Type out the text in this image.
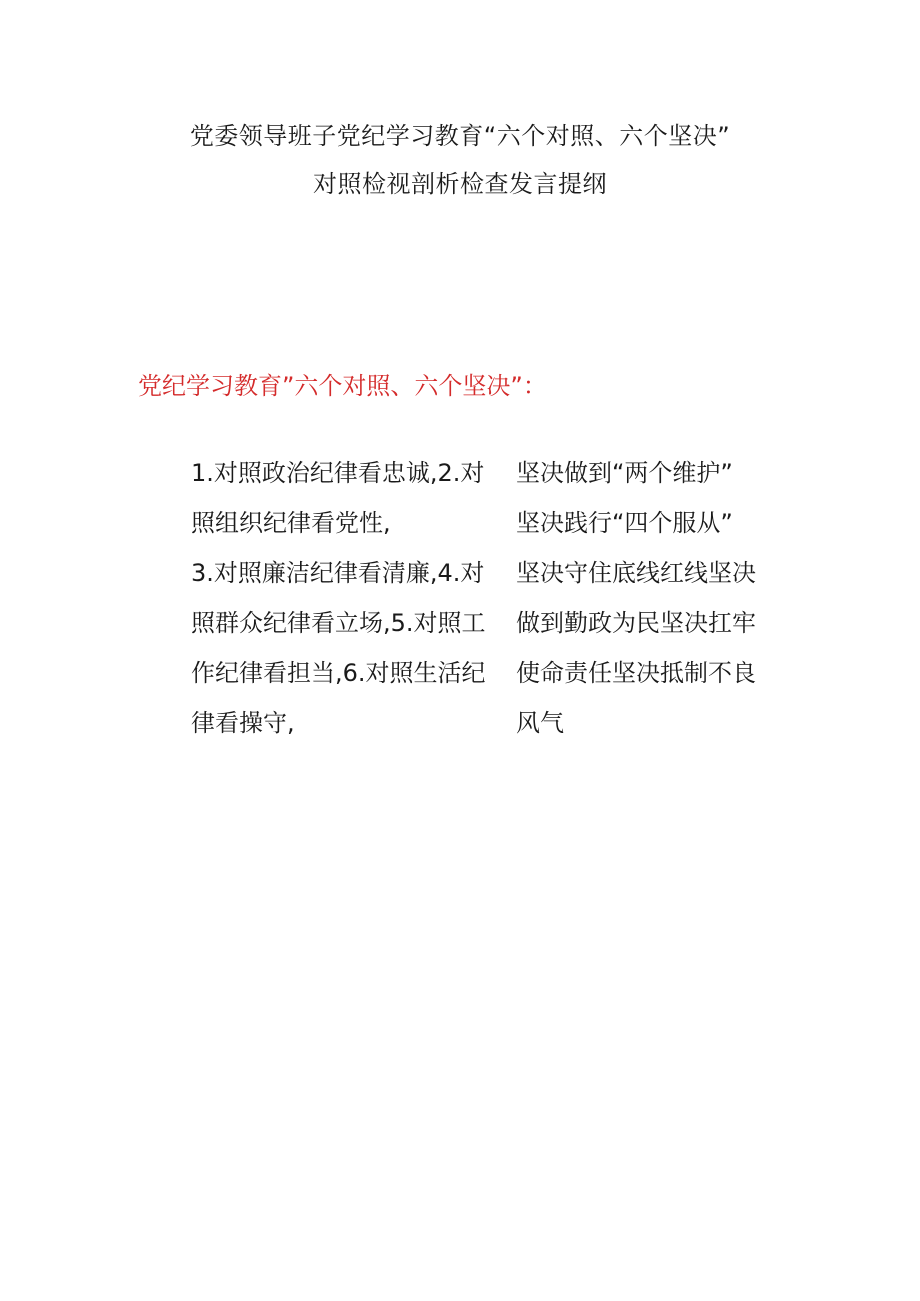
党委领导班子党纪学习教育“六个对照、六个坚决”
对照检视剖析检查发言提纲
党纪学习教育”六个对照、六个坚决”：
1.对照政治纪律看忠诚,2.对
照组织纪律看党性,
3.对照廉洁纪律看清廉,4.对
照群众纪律看立场,5.对照工
作纪律看担当,6.对照生活纪
律看操守,
坚决做到“两个维护”
坚决践行“四个服从”
坚决守住底线红线坚决
做到勤政为民坚决扛牢
使命责任坚决抵制不良
风气
